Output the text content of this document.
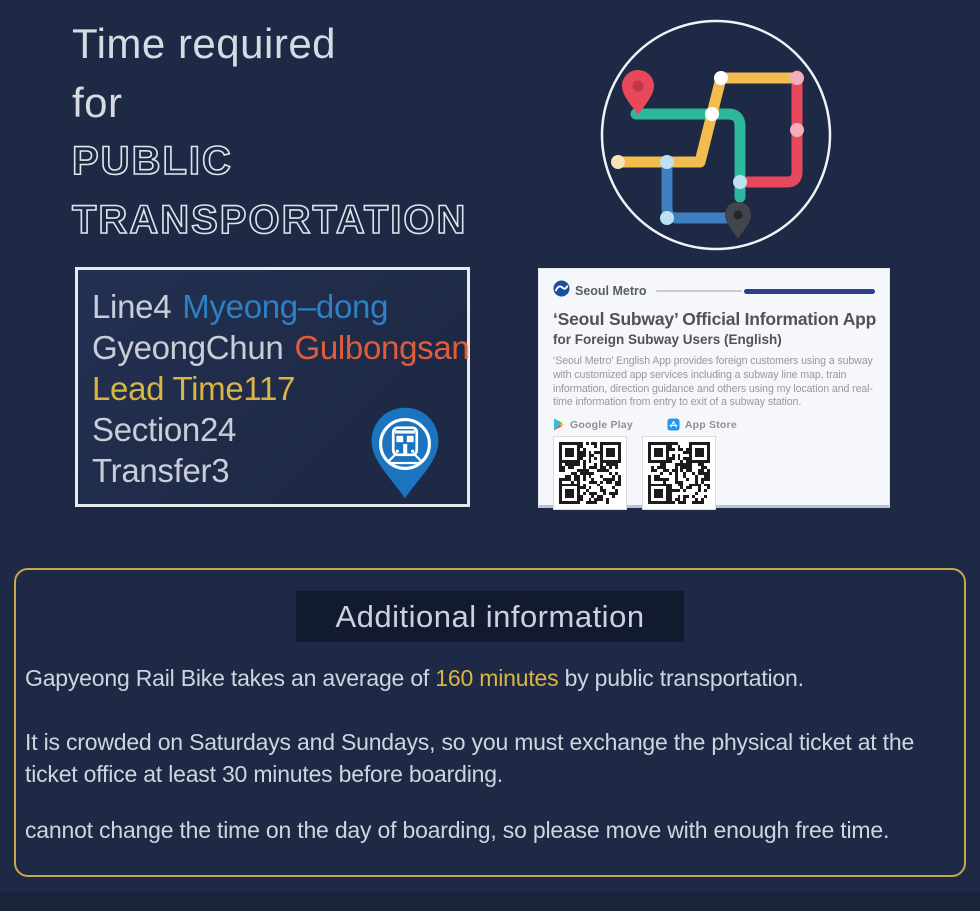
Time required
for
PUBLIC
TRANSPORTATION
Line4 Myeong–dong
GyeongChun Gulbongsan
Lead Time117
Section24
Transfer3
Seoul Metro
‘Seoul Subway’ Official Information App
for Foreign Subway Users (English)
‘Seoul Metro’ English App provides foreign customers using a subway with customized app services including a subway line map, train information, direction guidance and others using my location and real-time information from entry to exit of a subway station.
Google Play	App Store
Additional information
Gapyeong Rail Bike takes an average of 160 minutes by public transportation.
It is crowded on Saturdays and Sundays, so you must exchange the physical ticket at the ticket office at least 30 minutes before boarding.
cannot change the time on the day of boarding, so please move with enough free time.
